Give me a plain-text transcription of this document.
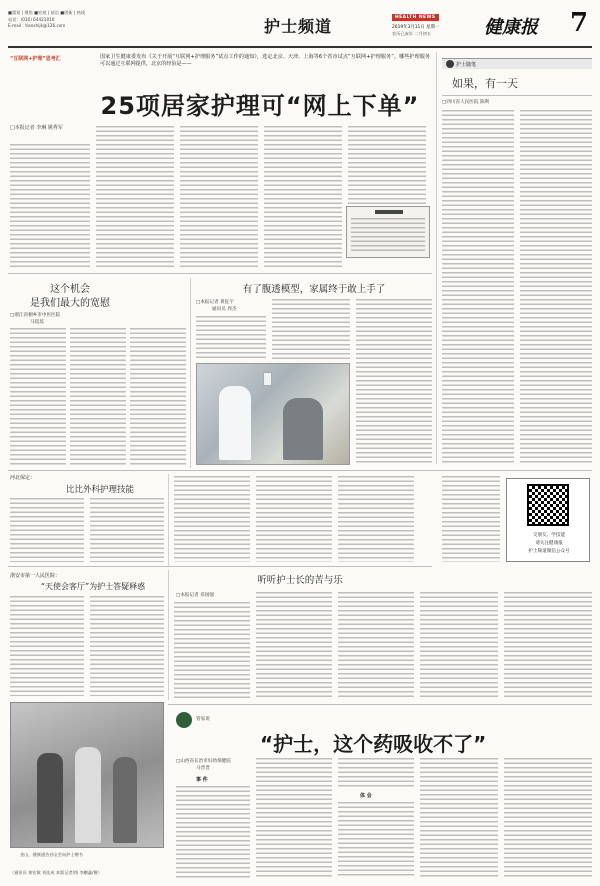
■策划 | 聚焦 ■宏观 | 前沿 ■创新 | 热线
电话：(010) 64421010
E-mail：tianshijk@126.com	护士频道	HEALTH NEWS
2019年3月11日 星期一
农历己亥年 二月初五	健康报 7
“互联网+护理”思考汇	国家卫生健康委发布《关于开展“互联网+护理服务”试点工作的通知》，选定北京、天津、上海等6个省市试点“互联网+护理服务”。哪些护理服务可以通过互联网提供，北京的经验是——
25项居家护理可“网上下单”
□本报记者 李琳 姚秀军
护士随笔
如果，有一天
□四川省人民医院 陈利
这个机会
是我们最大的宽慰
□浙江省桐乡市中医医院
马琰琰
有了腹透模型，家属终于敢上手了
□本报记者 黄征宇
通讯员 周杰
河北保定：
比比外科护理技能
浙安市第一人民医院：
“天使会客厅”为护士答疑释惑
听听护士长的苦与乐
□本报记者 邓国强
交朋友、学技能
请关注健康报
护士频道微信公众号
管家说
“护士，这个药吸收不了”
□山西省长治市妇幼保健院
马晋晋
事 件
体 会
金山，健康通告孙宝会向护士赠书
（通讯员 黄宏敏 刘佳成 本版记者/图 李鹏鑫/摄）
